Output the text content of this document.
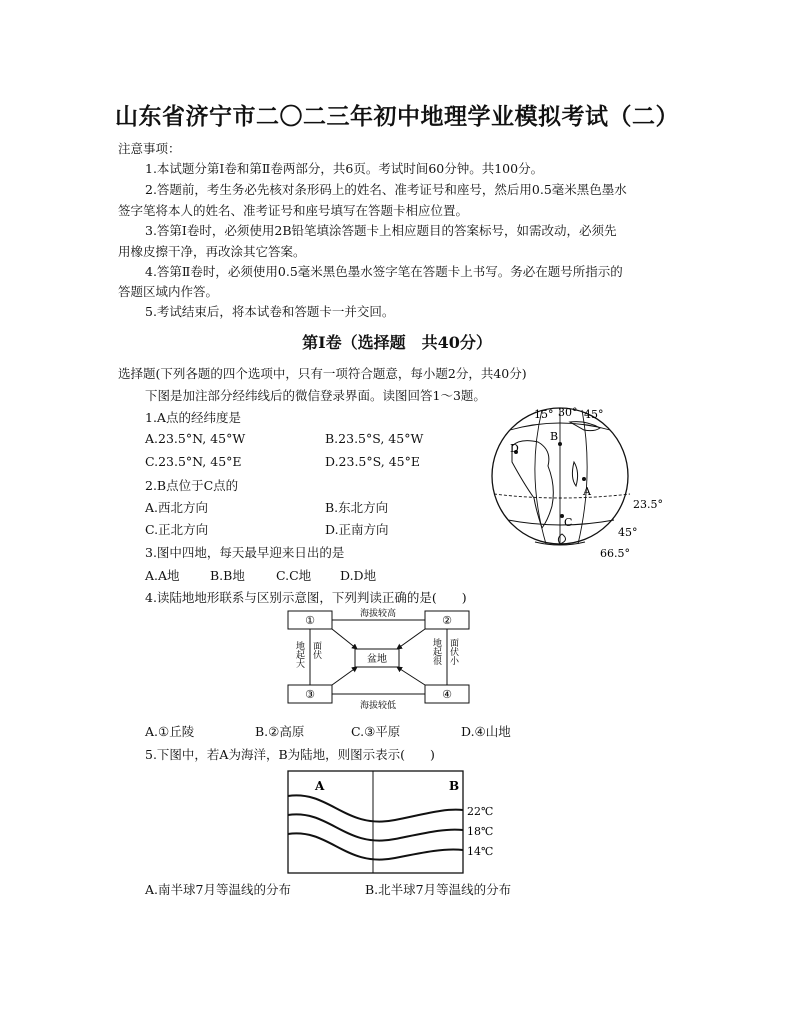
山东省济宁市二〇二三年初中地理学业模拟考试（二）
注意事项：
1.本试题分第Ⅰ卷和第Ⅱ卷两部分，共6页。考试时间60分钟。共100分。
2.答题前，考生务必先核对条形码上的姓名、准考证号和座号，然后用0.5毫米黑色墨水
签字笔将本人的姓名、准考证号和座号填写在答题卡相应位置。
3.答第Ⅰ卷时，必须使用2B铅笔填涂答题卡上相应题目的答案标号，如需改动，必须先
用橡皮擦干净，再改涂其它答案。
4.答第Ⅱ卷时，必须使用0.5毫米黑色墨水签字笔在答题卡上书写。务必在题号所指示的
答题区域内作答。
5.考试结束后，将本试卷和答题卡一并交回。
第Ⅰ卷（选择题　共40分）
选择题(下列各题的四个选项中，只有一项符合题意，每小题2分，共40分)
下图是加注部分经纬线后的微信登录界面。读图回答1～3题。
1.A点的经纬度是
A.23.5°N, 45°W	B.23.5°S, 45°W
C.23.5°N, 45°E	D.23.5°S, 45°E
2.B点位于C点的
A.西北方向	B.东北方向
C.正北方向	D.正南方向
3.图中四地，每天最早迎来日出的是
A.A地 B.B地 C.C地 D.D地
A
B
C
D
15° 30° 45°
23.5°
45°
66.5°
4.读陆地地形联系与区别示意图，下列判读正确的是(　　)
①	②
③	④
盆地
海拔较高
海拔较低
地起大 面伏	地起很 面伏小
A.①丘陵	B.②高原	C.③平原	D.④山地
5.下图中，若A为海洋，B为陆地，则图示表示(　　)
A	B
22℃
18℃
14℃
A.南半球7月等温线的分布	B.北半球7月等温线的分布
